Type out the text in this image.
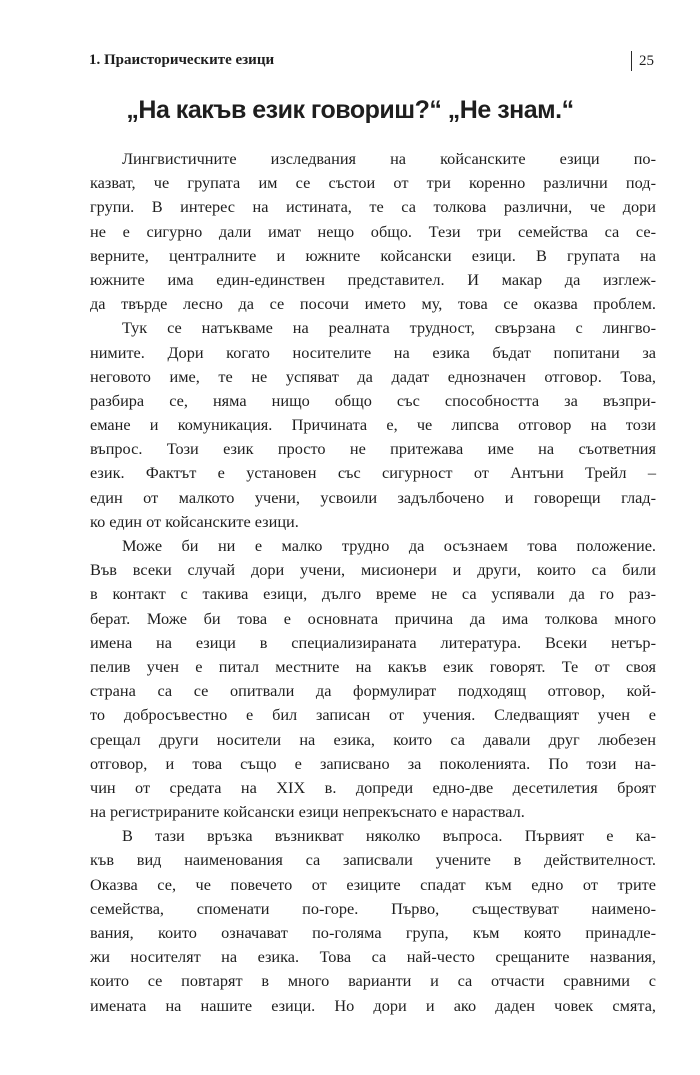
1. Праисторическите езици	25
„На какъв език говориш?“ „Не знам.“
Лингвистичните изследвания на койсанските езици по-
казват, че групата им се състои от три коренно различни под-
групи. В интерес на истината, те са толкова различни, че дори
не е сигурно дали имат нещо общо. Тези три семейства са се-
верните, централните и южните койсански езици. В групата на
южните има един-единствен представител. И макар да изглеж-
да твърде лесно да се посочи името му, това се оказва проблем.
Тук се натъкваме на реалната трудност, свързана с лингво-
нимите. Дори когато носителите на езика бъдат попитани за
неговото име, те не успяват да дадат еднозначен отговор. Това,
разбира се, няма нищо общо със способността за възпри-
емане и комуникация. Причината е, че липсва отговор на този
въпрос. Този език просто не притежава име на съответния
език. Фактът е установен със сигурност от Антъни Трейл –
един от малкото учени, усвоили задълбочено и говорещи глад-
ко един от койсанските езици.
Може би ни е малко трудно да осъзнаем това положение.
Във всеки случай дори учени, мисионери и други, които са били
в контакт с такива езици, дълго време не са успявали да го раз-
берат. Може би това е основната причина да има толкова много
имена на езици в специализираната литература. Всеки нетър-
пелив учен е питал местните на какъв език говорят. Те от своя
страна са се опитвали да формулират подходящ отговор, кой-
то добросъвестно е бил записан от учения. Следващият учен е
срещал други носители на езика, които са давали друг любезен
отговор, и това също е записвано за поколенията. По този на-
чин от средата на XIX в. допреди едно-две десетилетия броят
на регистрираните койсански езици непрекъснато е нараствал.
В тази връзка възникват няколко въпроса. Първият е ка-
къв вид наименования са записвали учените в действителност.
Оказва се, че повечето от езиците спадат към едно от трите
семейства, споменати по-горе. Първо, съществуват наимено-
вания, които означават по-голяма група, към която принадле-
жи носителят на езика. Това са най-често срещаните названия,
които се повтарят в много варианти и са отчасти сравними с
имената на нашите езици. Но дори и ако даден човек смята,
